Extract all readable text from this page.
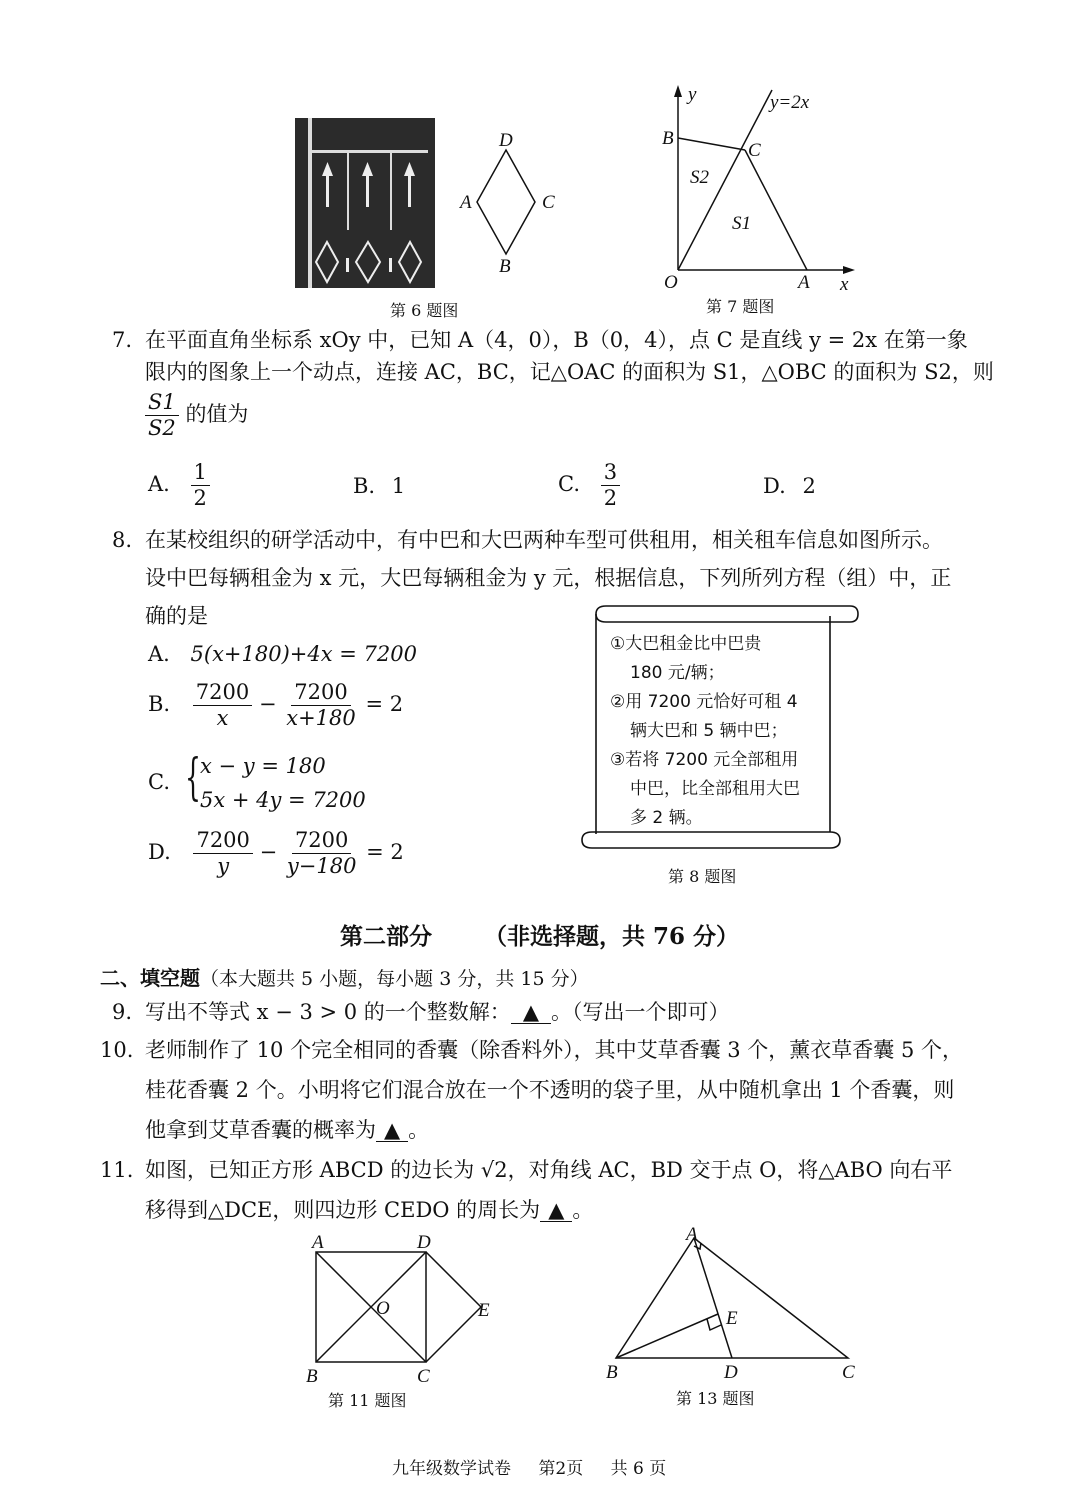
D
A	C
B
第 6 题图
y	y=2x
B
C
S2
S1
O	A x
第 7 题图
7. 在平面直角坐标系 xOy 中，已知 A（4，0），B（0，4），点 C 是直线 y = 2x 在第一象
限内的图象上一个动点，连接 AC，BC，记△OAC 的面积为 S1，△OBC 的面积为 S2，则
$\frac{S1}{S2}$ 的值为
A. $\frac{1}{2}$	B. 1	C. $\frac{3}{2}$	D. 2
8. 在某校组织的研学活动中，有中巴和大巴两种车型可供租用，相关租车信息如图所示。
设中巴每辆租金为 x 元，大巴每辆租金为 y 元，根据信息，下列所列方程（组）中，正
确的是
A. 5(x+180)+4x = 7200
B. $\frac{7200}{x} - \frac{7200}{x+180} = 2$
C. { x − y = 180
5x + 4y = 7200
D. $\frac{7200}{y} - \frac{7200}{y-180} = 2$
①大巴租金比中巴贵
180 元/辆；
②用 7200 元恰好可租 4
辆大巴和 5 辆中巴；
③若将 7200 元全部租用
中巴，比全部租用大巴
多 2 辆。
第 8 题图
第二部分 （非选择题，共 76 分）
二、填空题（本大题共 5 小题，每小题 3 分，共 15 分）
9. 写出不等式 x − 3 > 0 的一个整数解： ▲ 。（写出一个即可）
10. 老师制作了 10 个完全相同的香囊（除香料外），其中艾草香囊 3 个，薰衣草香囊 5 个，
桂花香囊 2 个。小明将它们混合放在一个不透明的袋子里，从中随机拿出 1 个香囊，则
他拿到艾草香囊的概率为 ▲ 。
11. 如图，已知正方形 ABCD 的边长为 √2，对角线 AC，BD 交于点 O，将△ABO 向右平
移得到△DCE，则四边形 CEDO 的周长为 ▲ 。
A	D
O	E
B	C
第 11 题图
A
E
B	D	C
第 13 题图
九年级数学试卷 第2页 共 6 页
